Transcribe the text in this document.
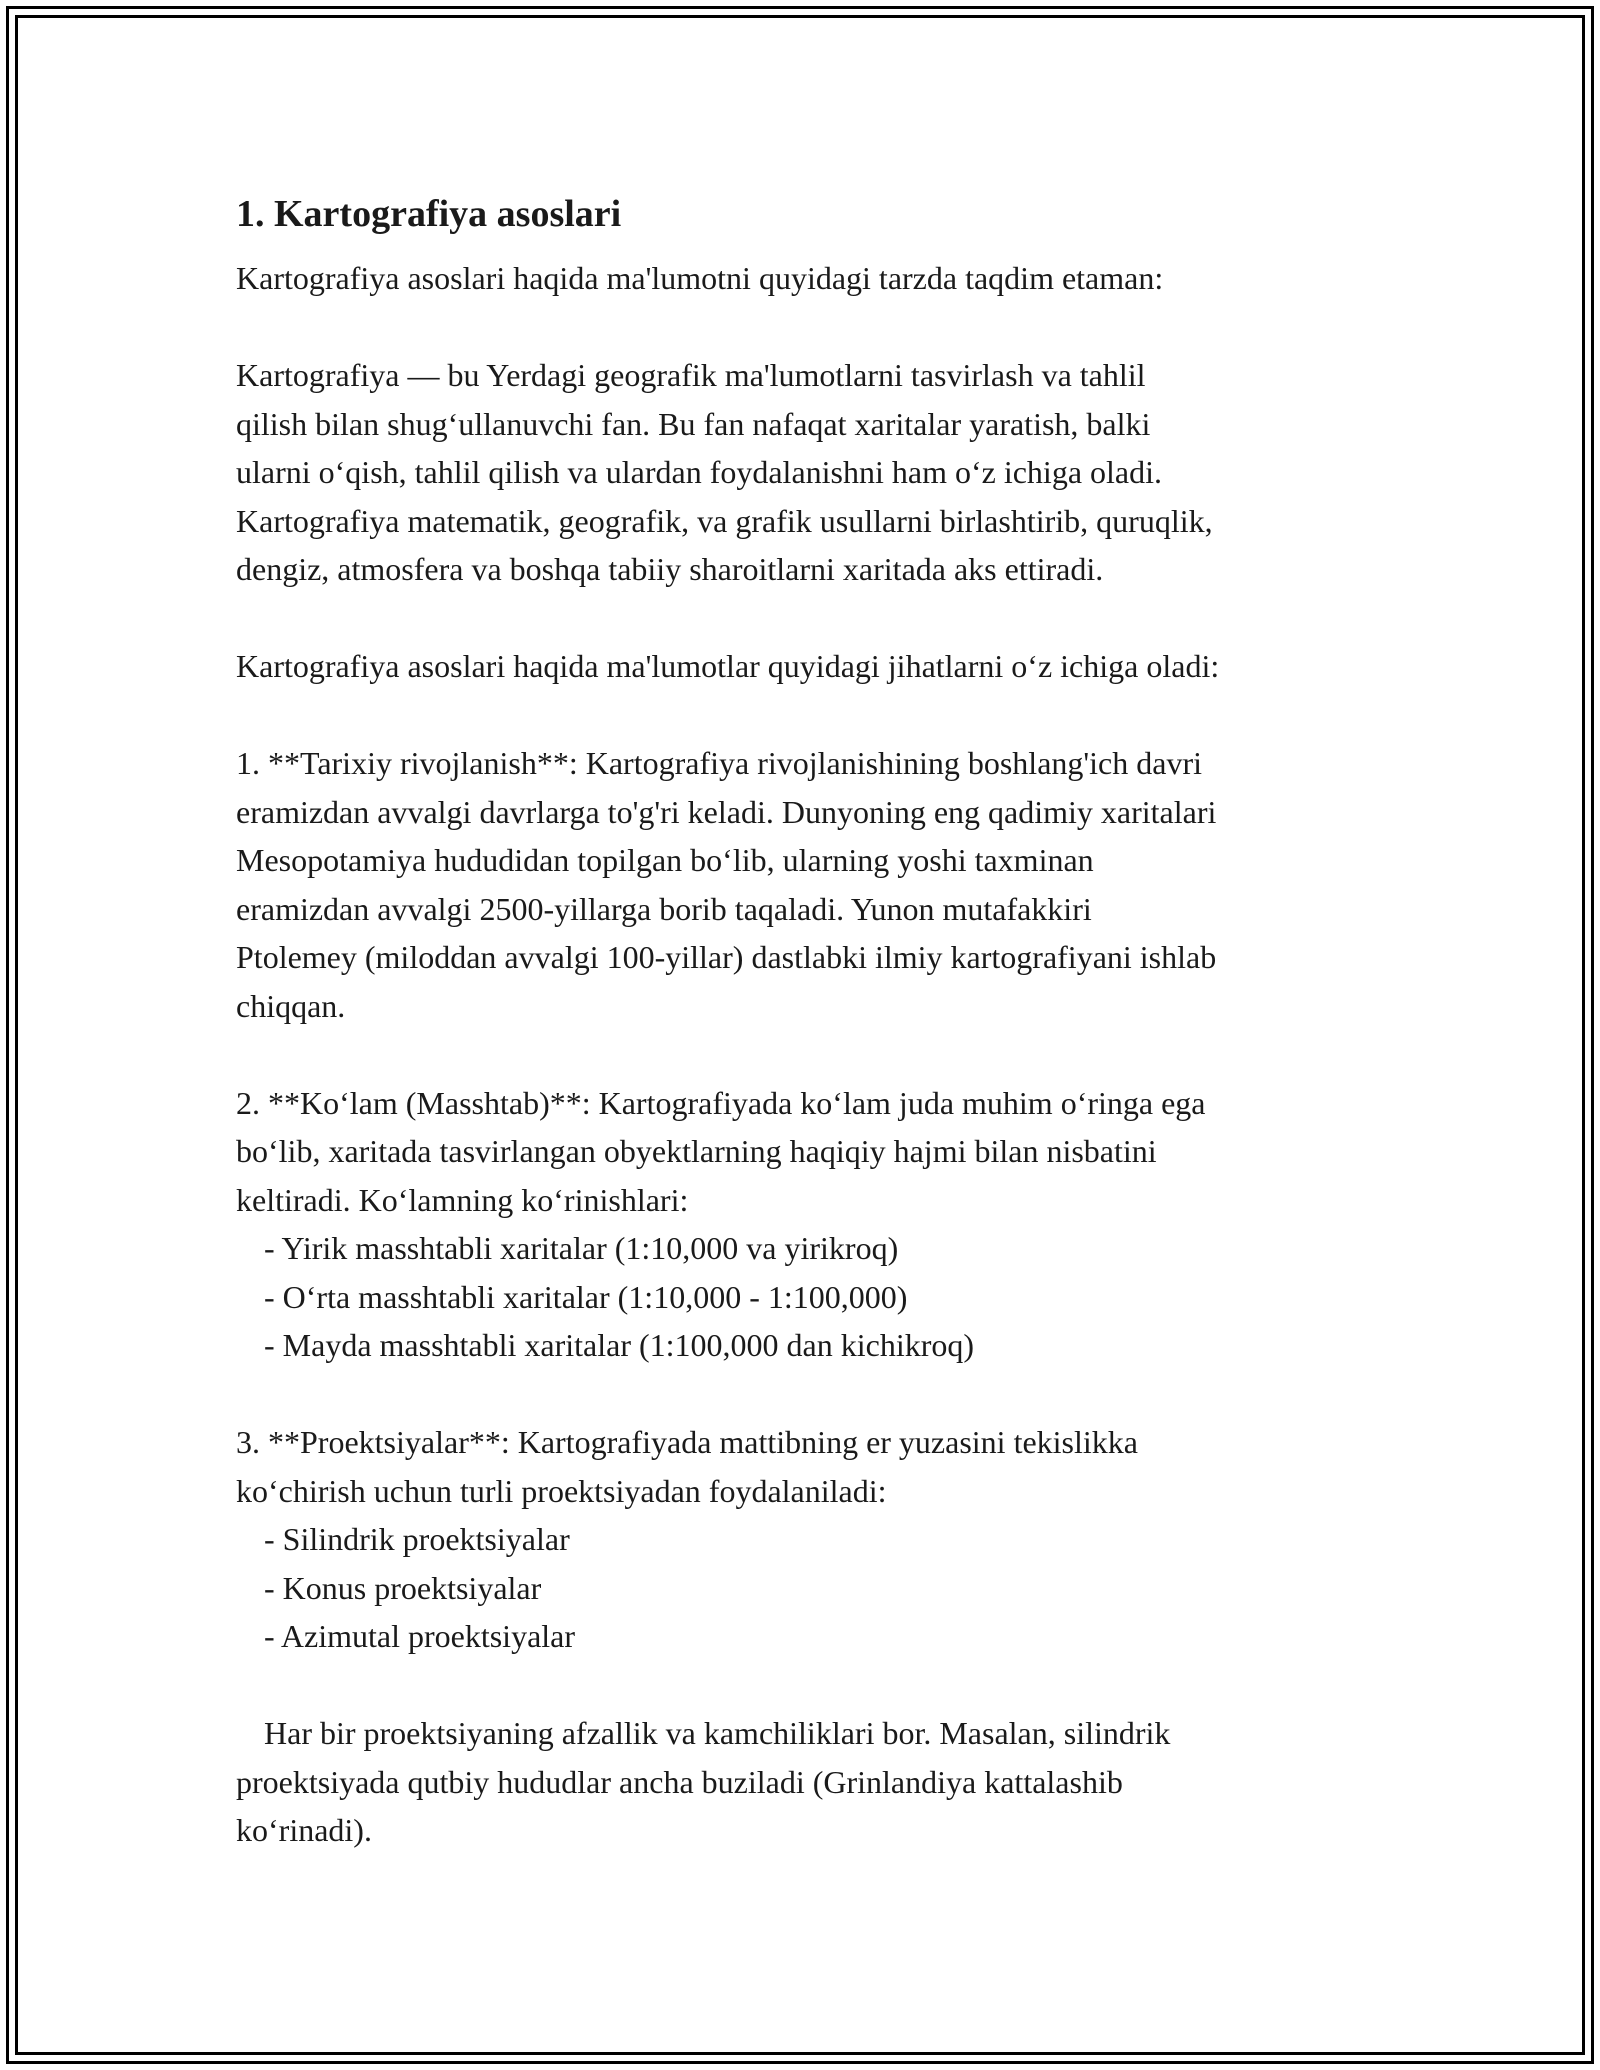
1. Kartografiya asoslari

Kartografiya asoslari haqida ma'lumotni quyidagi tarzda taqdim etaman:

Kartografiya — bu Yerdagi geografik ma'lumotlarni tasvirlash va tahlil

qilish bilan shug‘ullanuvchi fan. Bu fan nafaqat xaritalar yaratish, balki

ularni o‘qish, tahlil qilish va ulardan foydalanishni ham o‘z ichiga oladi.

Kartografiya matematik, geografik, va grafik usullarni birlashtirib, quruqlik,

dengiz, atmosfera va boshqa tabiiy sharoitlarni xaritada aks ettiradi.

Kartografiya asoslari haqida ma'lumotlar quyidagi jihatlarni o‘z ichiga oladi:

1. **Tarixiy rivojlanish**: Kartografiya rivojlanishining boshlang'ich davri

eramizdan avvalgi davrlarga to'g'ri keladi. Dunyoning eng qadimiy xaritalari

Mesopotamiya hududidan topilgan bo‘lib, ularning yoshi taxminan

eramizdan avvalgi 2500-yillarga borib taqaladi. Yunon mutafakkiri

Ptolemey (miloddan avvalgi 100-yillar) dastlabki ilmiy kartografiyani ishlab

chiqqan.

2. **Ko‘lam (Masshtab)**: Kartografiyada ko‘lam juda muhim o‘ringa ega

bo‘lib, xaritada tasvirlangan obyektlarning haqiqiy hajmi bilan nisbatini

keltiradi. Ko‘lamning ko‘rinishlari:

- Yirik masshtabli xaritalar (1:10,000 va yirikroq)

- O‘rta masshtabli xaritalar (1:10,000 - 1:100,000)

- Mayda masshtabli xaritalar (1:100,000 dan kichikroq)

3. **Proektsiyalar**: Kartografiyada mattibning er yuzasini tekislikka

ko‘chirish uchun turli proektsiyadan foydalaniladi:

- Silindrik proektsiyalar

- Konus proektsiyalar

- Azimutal proektsiyalar

Har bir proektsiyaning afzallik va kamchiliklari bor. Masalan, silindrik

proektsiyada qutbiy hududlar ancha buziladi (Grinlandiya kattalashib

ko‘rinadi).
